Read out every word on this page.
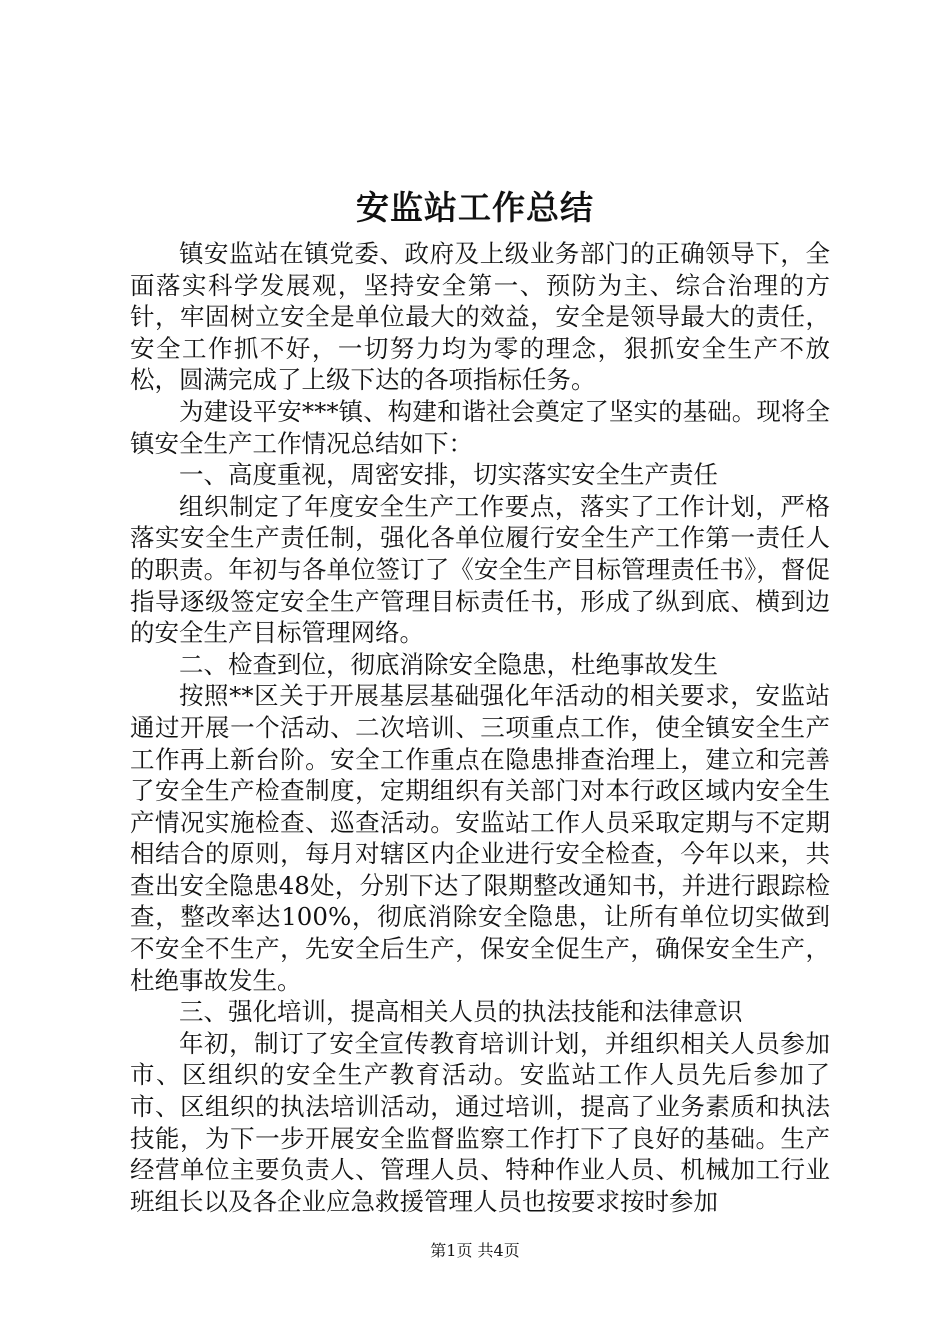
安监站工作总结

镇安监站在镇党委、政府及上级业务部门的正确领导下，全面落实科学发展观，坚持安全第一、预防为主、综合治理的方针，牢固树立安全是单位最大的效益，安全是领导最大的责任，安全工作抓不好，一切努力均为零的理念，狠抓安全生产不放松，圆满完成了上级下达的各项指标任务。

为建设平安***镇、构建和谐社会奠定了坚实的基础。现将全镇安全生产工作情况总结如下：

一、高度重视，周密安排，切实落实安全生产责任

组织制定了年度安全生产工作要点，落实了工作计划，严格落实安全生产责任制，强化各单位履行安全生产工作第一责任人的职责。年初与各单位签订了《安全生产目标管理责任书》，督促指导逐级签定安全生产管理目标责任书，形成了纵到底、横到边的安全生产目标管理网络。

二、检查到位，彻底消除安全隐患，杜绝事故发生

按照**区关于开展基层基础强化年活动的相关要求，安监站通过开展一个活动、二次培训、三项重点工作，使全镇安全生产工作再上新台阶。安全工作重点在隐患排查治理上，建立和完善了安全生产检查制度，定期组织有关部门对本行政区域内安全生产情况实施检查、巡查活动。安监站工作人员采取定期与不定期相结合的原则，每月对辖区内企业进行安全检查，今年以来，共查出安全隐患48处，分别下达了限期整改通知书，并进行跟踪检查，整改率达100%，彻底消除安全隐患，让所有单位切实做到不安全不生产，先安全后生产，保安全促生产，确保安全生产，杜绝事故发生。

三、强化培训，提高相关人员的执法技能和法律意识

年初，制订了安全宣传教育培训计划，并组织相关人员参加市、区组织的安全生产教育活动。安监站工作人员先后参加了市、区组织的执法培训活动，通过培训，提高了业务素质和执法技能，为下一步开展安全监督监察工作打下了良好的基础。生产经营单位主要负责人、管理人员、特种作业人员、机械加工行业班组长以及各企业应急救援管理人员也按要求按时参加

第1页 共4页
